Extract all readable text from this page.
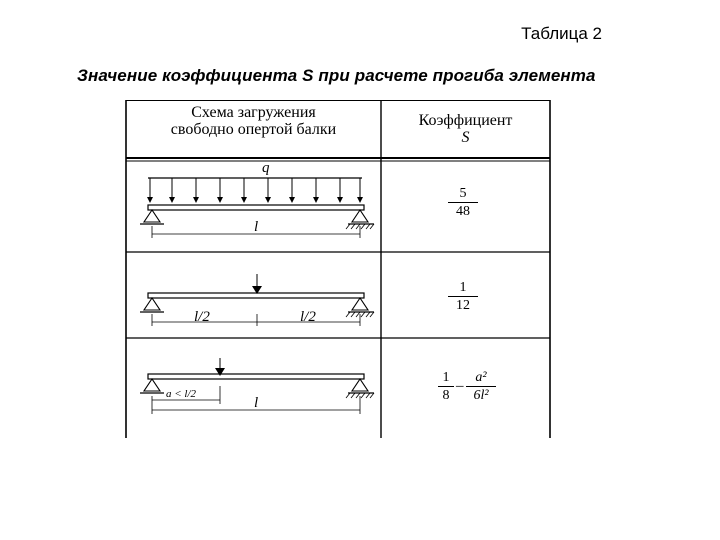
Таблица 2
Значение коэффициента S при расчете прогиба элемента
Схема загружения
свободно опертой балки
Коэффициент
S
q
l
5
48
l/2	l/2
1
12
a < l/2
l
1
8
–
a²
6l²
